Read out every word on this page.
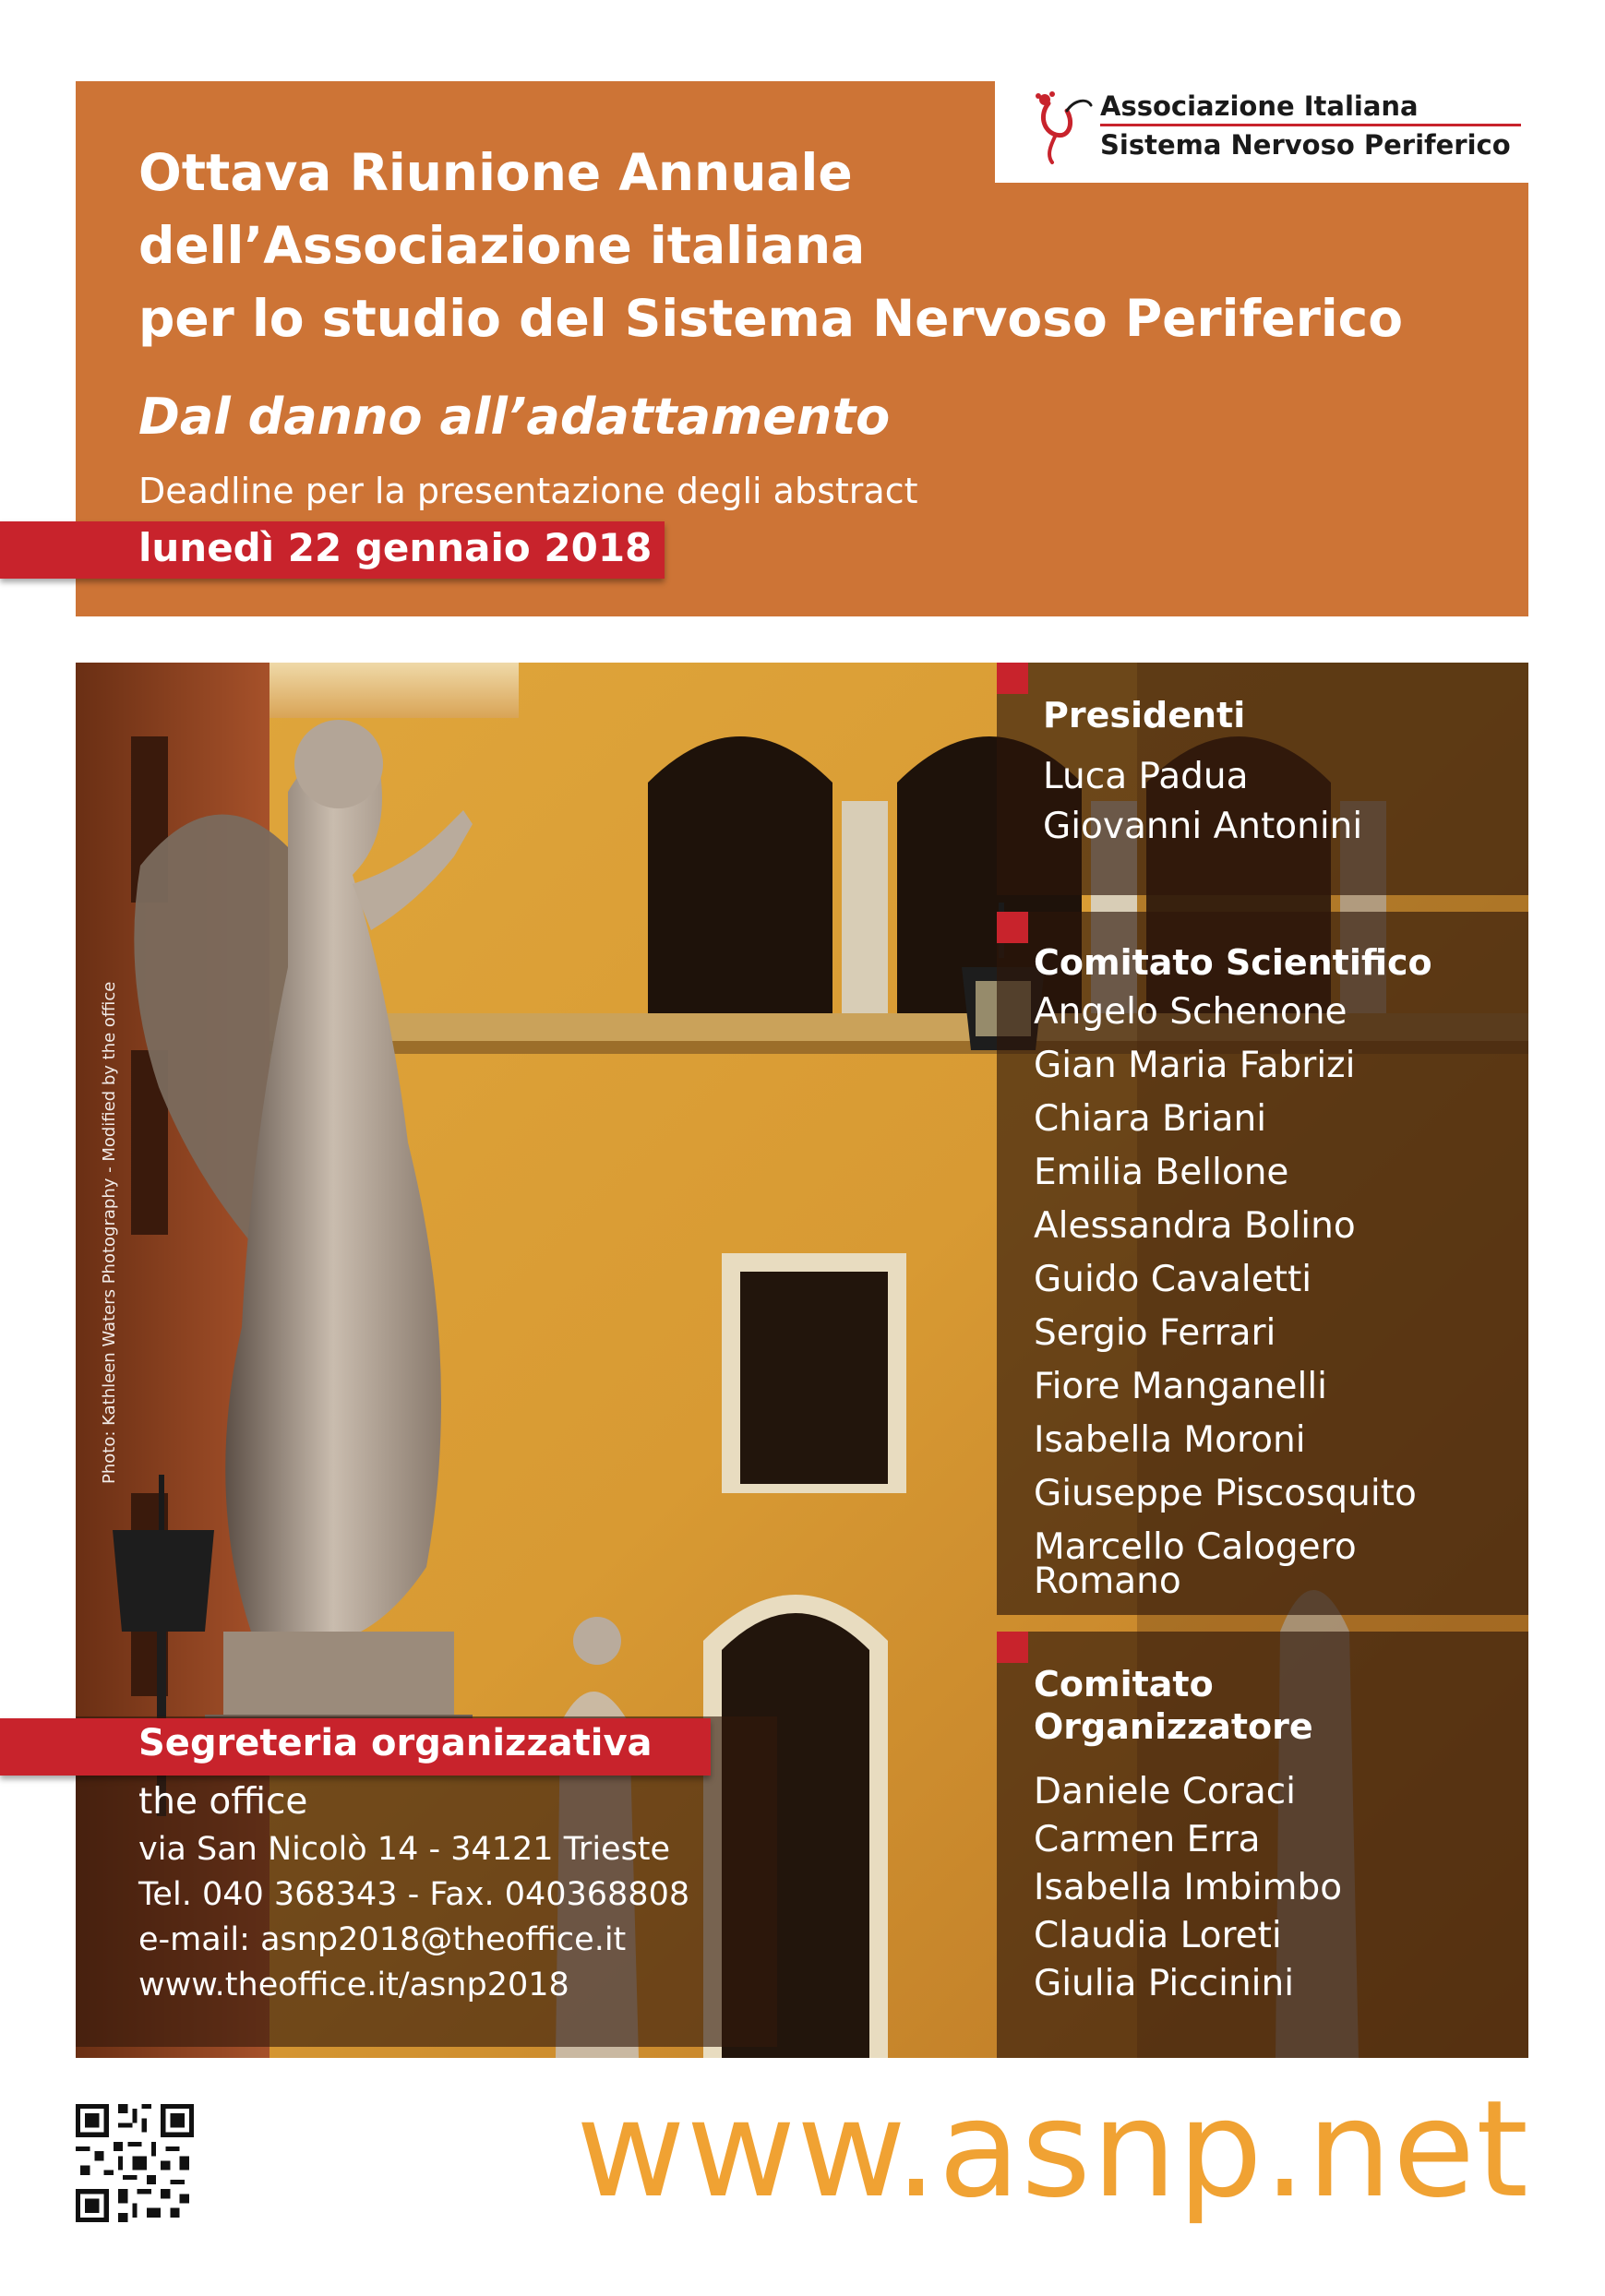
Associazione Italiana
Sistema Nervoso Periferico
Ottava Riunione Annuale
dell’Associazione italiana
per lo studio del Sistema Nervoso Periferico
Dal danno all’adattamento
Deadline per la presentazione degli abstract
lunedì 22 gennaio 2018
Presidenti
Luca Padua
Giovanni Antonini
Comitato Scientifico
Angelo Schenone
Gian Maria Fabrizi
Chiara Briani
Emilia Bellone
Alessandra Bolino
Guido Cavaletti
Sergio Ferrari
Fiore Manganelli
Isabella Moroni
Giuseppe Piscosquito
Marcello Calogero Romano
Comitato
Organizzatore
Daniele Coraci
Carmen Erra
Isabella Imbimbo
Claudia Loreti
Giulia Piccinini
Segreteria organizzativa
the office
via San Nicolò 14 - 34121 Trieste
Tel. 040 368343 - Fax. 040368808
e-mail: asnp2018@theoffice.it
www.theoffice.it/asnp2018
Photo: Kathleen Waters Photography - Modified by the office
www.asnp.net
